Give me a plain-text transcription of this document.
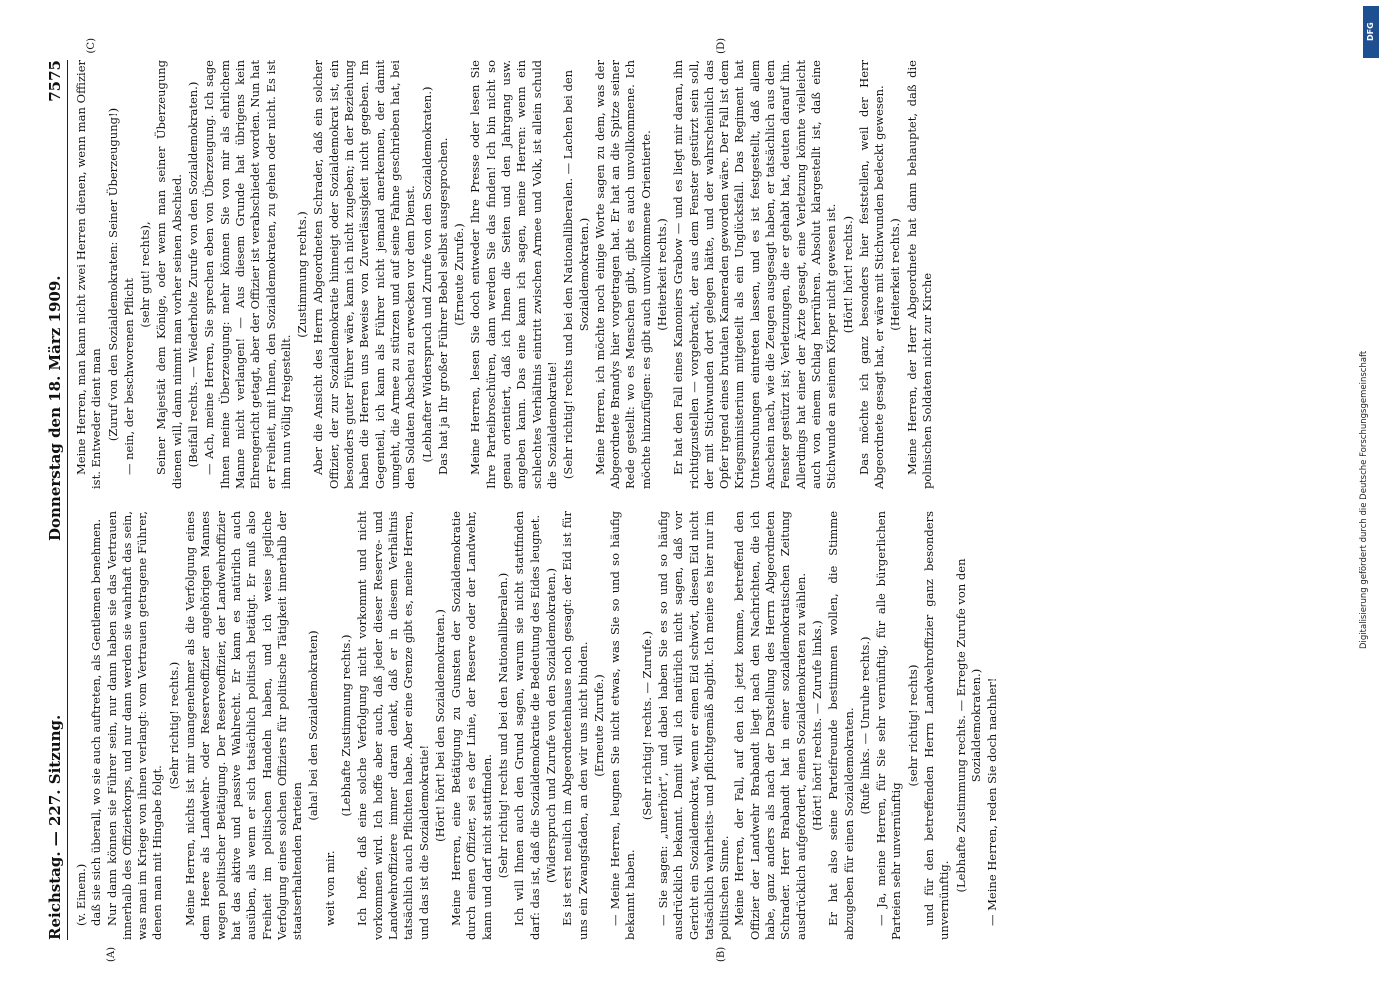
Reichstag. — 227. Sitzung.
Donnerstag den 18. März 1909.
7575
(A)	(B)
(v. Einem.) daß sie sich überall, wo sie auch auftreten, als Gentlemen benehmen. Nur dann können sie Führer sein, nur dann haben sie das Vertrauen innerhalb des Offizierkorps, und nur dann werden sie wahrhaft das sein, was man im Kriege von ihnen verlangt: vom Vertrauen getragene Führer, denen man mit Hingabe folgt.
(Sehr richtig! rechts.) Meine Herren, nichts ist mir unangenehmer als die Verfolgung eines dem Heere als Landwehr- oder Reserveoffizier angehörigen Mannes wegen politischer Betätigung. Der Reserveoffizier, der Landwehroffizier hat das aktive und passive Wahlrecht. Er kann es natürlich auch ausüben, als wenn er sich tatsächlich politisch betätigt. Er muß also Freiheit im politischen Handeln haben, und ich weise jegliche Verfolgung eines solchen Offiziers für politische Tätigkeit innerhalb der staatserhaltenden Parteien
(aha! bei den Sozialdemokraten)
weit von mir.
(Lebhafte Zustimmung rechts.) Ich hoffe, daß eine solche Verfolgung nicht vorkommt und nicht vorkommen wird. Ich hoffe aber auch, daß jeder dieser Reserve- und Landwehroffiziere immer daran denkt, daß er in diesem Verhältnis tatsächlich auch Pflichten habe. Aber eine Grenze gibt es, meine Herren, und das ist die Sozialdemokratie!
(Hört! hört! bei den Sozialdemokraten.) Meine Herren, eine Betätigung zu Gunsten der Sozialdemokratie durch einen Offizier, sei es der Linie, der Reserve oder der Landwehr, kann und darf nicht stattfinden. (Sehr richtig! rechts und bei den Nationalliberalen.) Ich will Ihnen auch den Grund sagen, warum sie nicht stattfinden darf: das ist, daß die Sozialdemokratie die Bedeutung des Eides leugnet. (Widerspruch und Zurufe von den Sozialdemokraten.) Es ist erst neulich im Abgeordnetenhause noch gesagt: der Eid ist für uns ein Zwangsfaden, an den wir uns nicht binden. (Erneute Zurufe.) — Meine Herren, leugnen Sie nicht etwas, was Sie so und so häufig bekannt haben.
(Sehr richtig! rechts. — Zurufe.) — Sie sagen: „unerhört“, und dabei haben Sie es so und so häufig ausdrücklich bekannt. Damit will ich natürlich nicht sagen, daß vor Gericht ein Sozialdemokrat, wenn er einen Eid schwört, diesen Eid nicht tatsächlich wahrheits- und pflichtgemäß abgibt. Ich meine es hier nur im politischen Sinne. Meine Herren, der Fall, auf den ich jetzt komme, betreffend den Offizier der Landwehr Brabandt liegt nach den Nachrichten, die ich habe, ganz anders als nach der Darstellung des Herrn Abgeordneten Schrader. Herr Brabandt hat in einer sozialdemokratischen Zeitung ausdrücklich aufgefordert, einen Sozialdemokraten zu wählen. (Hört! hört! rechts. — Zurufe links.) Er hat also seine Parteifreunde bestimmen wollen, die Stimme abzugeben für einen Sozialdemokraten. (Rufe links. — Unruhe rechts.) — Ja, meine Herren, für Sie sehr vernünftig, für alle bürgerlichen Parteien sehr unvernünftig
(sehr richtig! rechts) und für den betreffenden Herrn Landwehroffizier ganz besonders unvernünftig.
(Lebhafte Zustimmung rechts. — Erregte Zurufe von den Sozialdemokraten.) — Meine Herren, reden Sie doch nachher!
(C)	(D)
Meine Herren, man kann nicht zwei Herren dienen, wenn man Offizier ist. Entweder dient man (Zuruf von den Sozialdemokraten: Seiner Überzeugung!) — nein, der beschworenen Pflicht
(sehr gut! rechts), Seiner Majestät dem Könige, oder wenn man seiner Überzeugung dienen will, dann nimmt man vorher seinen Abschied. (Beifall rechts. — Wiederholte Zurufe von den Sozialdemokraten.) — Ach, meine Herren, Sie sprechen eben von Überzeugung. Ich sage Ihnen meine Überzeugung: mehr können Sie von mir als ehrlichem Manne nicht verlangen! — Aus diesem Grunde hat übrigens kein Ehrengericht getagt, aber der Offizier ist verabschiedet worden. Nun hat er Freiheit, mit Ihnen, den Sozialdemokraten, zu gehen oder nicht. Es ist ihm nun völlig freigestellt.
(Zustimmung rechts.) Aber die Ansicht des Herrn Abgeordneten Schrader, daß ein solcher Offizier, der zur Sozialdemokratie hinneigt oder Sozialdemokrat ist, ein besonders guter Führer wäre, kann ich nicht zugeben; in der Beziehung haben die Herren uns Beweise von Zuverlässigkeit nicht gegeben. Im Gegenteil, ich kann als Führer nicht jemand anerkennen, der damit umgeht, die Armee zu stürzen und auf seine Fahne geschrieben hat, bei den Soldaten Abscheu zu erwecken vor dem Dienst. (Lebhafter Widerspruch und Zurufe von den Sozialdemokraten.) Das hat ja Ihr großer Führer Bebel selbst ausgesprochen. (Erneute Zurufe.) Meine Herren, lesen Sie doch entweder Ihre Presse oder lesen Sie Ihre Parteibroschüren, dann werden Sie das finden! Ich bin nicht so genau orientiert, daß ich Ihnen die Seiten und den Jahrgang usw. angeben kann. Das eine kann ich sagen, meine Herren: wenn ein schlechtes Verhältnis eintritt zwischen Armee und Volk, ist allein schuld die Sozialdemokratie! (Sehr richtig! rechts und bei den Nationalliberalen. — Lachen bei den Sozialdemokraten.) Meine Herren, ich möchte noch einige Worte sagen zu dem, was der Abgeordnete Brandys hier vorgetragen hat. Er hat an die Spitze seiner Rede gestellt: wo es Menschen gibt, gibt es auch unvollkommene. Ich möchte hinzufügen: es gibt auch unvollkommene Orientierte. (Heiterkeit rechts.) Er hat den Fall eines Kanoniers Grabow — und es liegt mir daran, ihn richtigzustellen — vorgebracht, der aus dem Fenster gestürzt sein soll, der mit Stichwunden dort gelegen hätte, und der wahrscheinlich das Opfer irgend eines brutalen Kameraden geworden wäre. Der Fall ist dem Kriegsministerium mitgeteilt als ein Unglücksfall. Das Regiment hat Untersuchungen eintreten lassen, und es ist festgestellt, daß allem Anschein nach, wie die Zeugen ausgesagt haben, er tatsächlich aus dem Fenster gestürzt ist; Verletzungen, die er gehabt hat, deuten darauf hin. Allerdings hat einer der Ärzte gesagt, eine Verletzung könnte vielleicht auch von einem Schlag herrühren. Absolut klargestellt ist, daß eine Stichwunde an seinem Körper nicht gewesen ist. (Hört! hört! rechts.) Das möchte ich ganz besonders hier feststellen, weil der Herr Abgeordnete gesagt hat, er wäre mit Stichwunden bedeckt gewesen. (Heiterkeit rechts.) Meine Herren, der Herr Abgeordnete hat dann behauptet, daß die polnischen Soldaten nicht zur Kirche	Digitalisierung gefördert durch die Deutsche Forschungsgemeinschaft
DFG
